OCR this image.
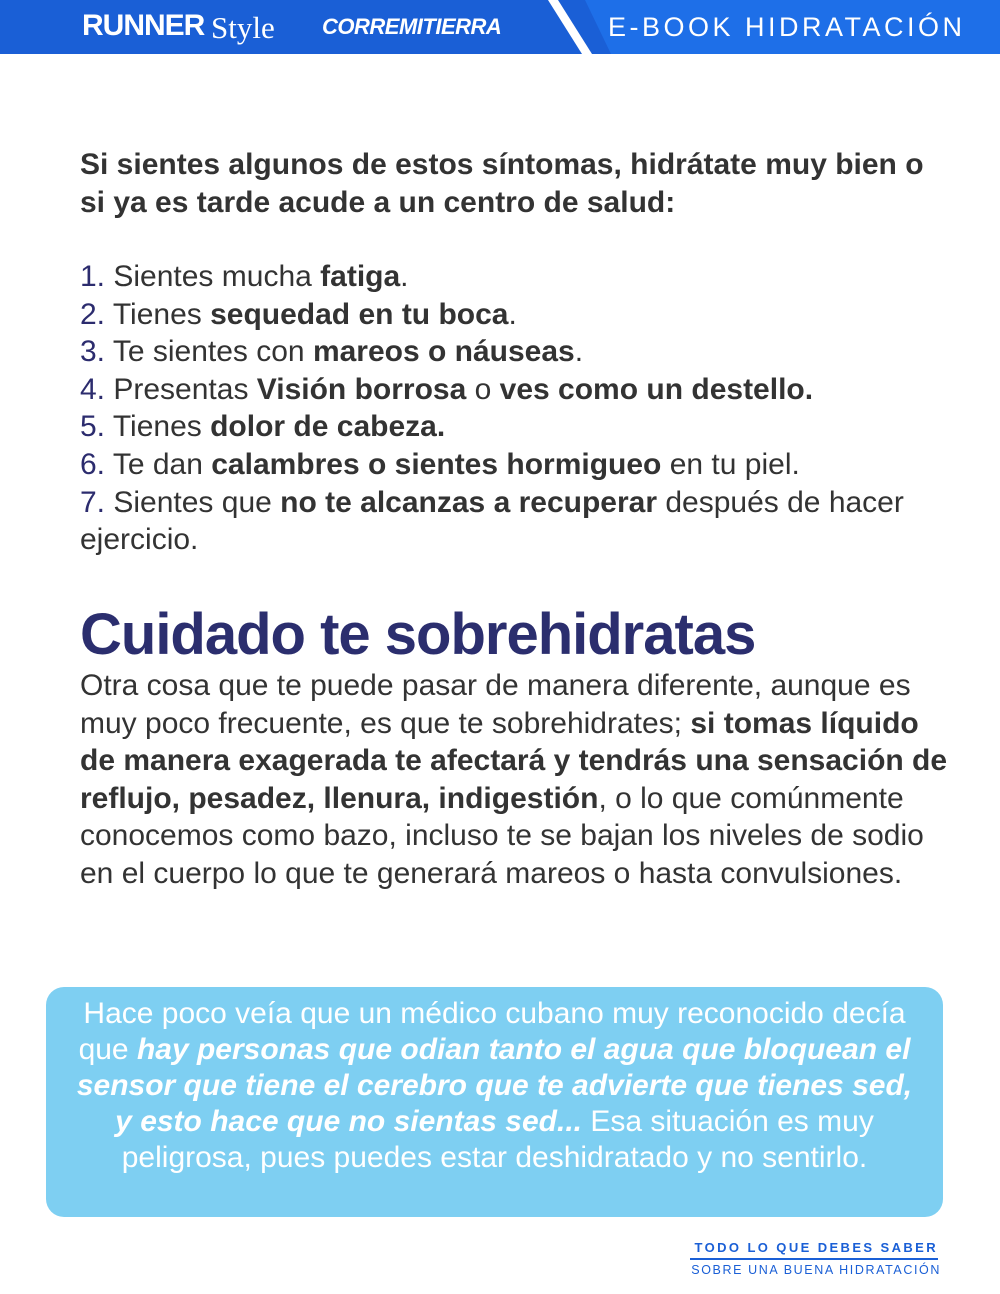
RUNNER Style CORREMITIERRA	E-BOOK HIDRATACIÓN

Si sientes algunos de estos síntomas, hidrátate muy bien o si ya es tarde acude a un centro de salud:

1. Sientes mucha fatiga.
2. Tienes sequedad en tu boca.
3. Te sientes con mareos o náuseas.
4. Presentas Visión borrosa o ves como un destello.
5. Tienes dolor de cabeza.
6. Te dan calambres o sientes hormigueo en tu piel.
7. Sientes que no te alcanzas a recuperar después de hacer ejercicio.
Cuidado te sobrehidratas

Otra cosa que te puede pasar de manera diferente, aunque es muy poco frecuente, es que te sobrehidrates; si tomas líquido de manera exagerada te afectará y tendrás una sensación de reflujo, pesadez, llenura, indigestión, o lo que comúnmente conocemos como bazo, incluso te se bajan los niveles de sodio en el cuerpo lo que te generará mareos o hasta convulsiones.

Hace poco veía que un médico cubano muy reconocido decía que hay personas que odian tanto el agua que bloquean el sensor que tiene el cerebro que te advierte que tienes sed, y esto hace que no sientas sed... Esa situación es muy peligrosa, pues puedes estar deshidratado y no sentirlo.

TODO LO QUE DEBES SABER
SOBRE UNA BUENA HIDRATACIÓN
